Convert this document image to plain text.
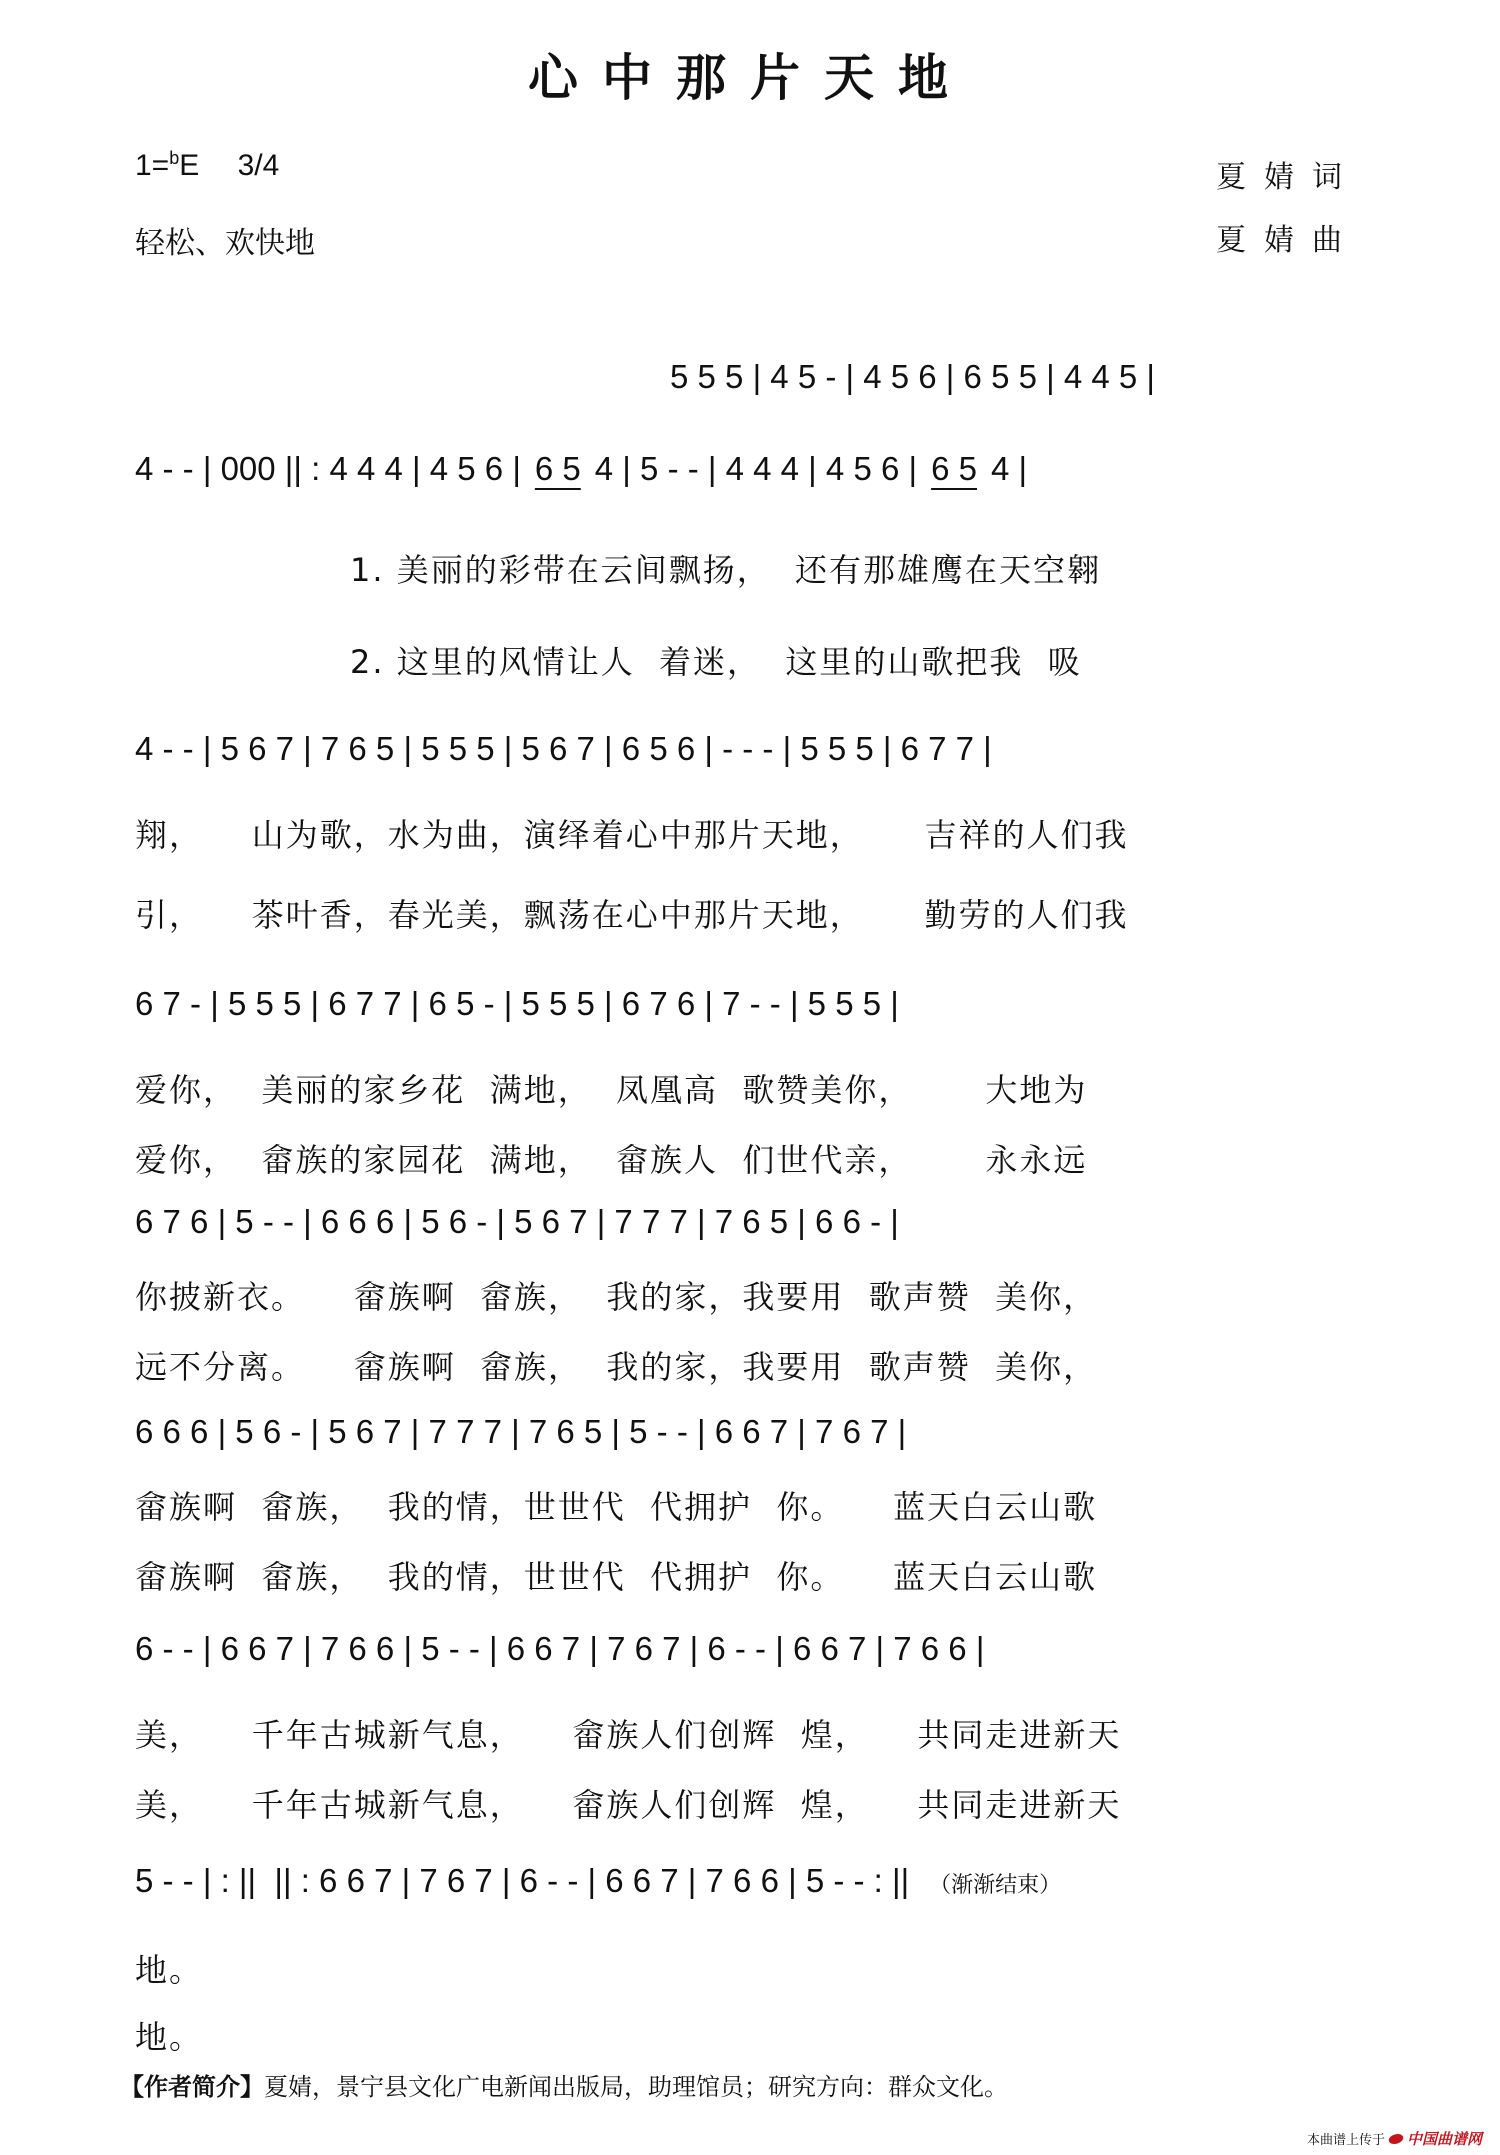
心中那片天地
1=$^b$E 3/4
轻松、欢快地
夏婧词
夏婧曲
5 5 5 | 4 5 - | 4 5 6 | 6 5 5 | 4 4 5 |
4 - - | 000 || : 4 4 4 | 4 5 6 | 6 5 4 | 5 - - | 4 4 4 | 4 5 6 | 6 5 4 |
1. 美丽的彩带在云间飘扬，  还有那雄鹰在天空翱
2. 这里的风情让人  着迷，  这里的山歌把我  吸
4 - - | 5 6 7 | 7 6 5 | 5 5 5 | 5 6 7 | 6 5 6 | - - - | 5 5 5 | 6 7 7 |
翔，    山为歌，水为曲，演绎着心中那片天地，     吉祥的人们我
引，    茶叶香，春光美，飘荡在心中那片天地，     勤劳的人们我
6 7 - | 5 5 5 | 6 7 7 | 6 5 - | 5 5 5 | 6 7 6 | 7 - - | 5 5 5 |
爱你，  美丽的家乡花  满地，  凤凰高  歌赞美你，      大地为
爱你，  畲族的家园花  满地，  畲族人  们世代亲，      永永远
6 7 6 | 5 - - | 6 6 6 | 5 6 - | 5 6 7 | 7 7 7 | 7 6 5 | 6 6 - |
你披新衣。    畲族啊  畲族，  我的家，我要用  歌声赞  美你，
远不分离。    畲族啊  畲族，  我的家，我要用  歌声赞  美你，
6 6 6 | 5 6 - | 5 6 7 | 7 7 7 | 7 6 5 | 5 - - | 6 6 7 | 7 6 7 |
畲族啊  畲族，  我的情，世世代  代拥护  你。    蓝天白云山歌
畲族啊  畲族，  我的情，世世代  代拥护  你。    蓝天白云山歌
6 - - | 6 6 7 | 7 6 6 | 5 - - | 6 6 7 | 7 6 7 | 6 - - | 6 6 7 | 7 6 6 |
美，    千年古城新气息，    畲族人们创辉  煌，    共同走进新天
美，    千年古城新气息，    畲族人们创辉  煌，    共同走进新天
5 - - | : ||  || : 6 6 7 | 7 6 7 | 6 - - | 6 6 7 | 7 6 6 | 5 - - : || （渐渐结束）
地。
地。
【作者简介】夏婧，景宁县文化广电新闻出版局，助理馆员；研究方向：群众文化。
本曲谱上传于 中国曲谱网
